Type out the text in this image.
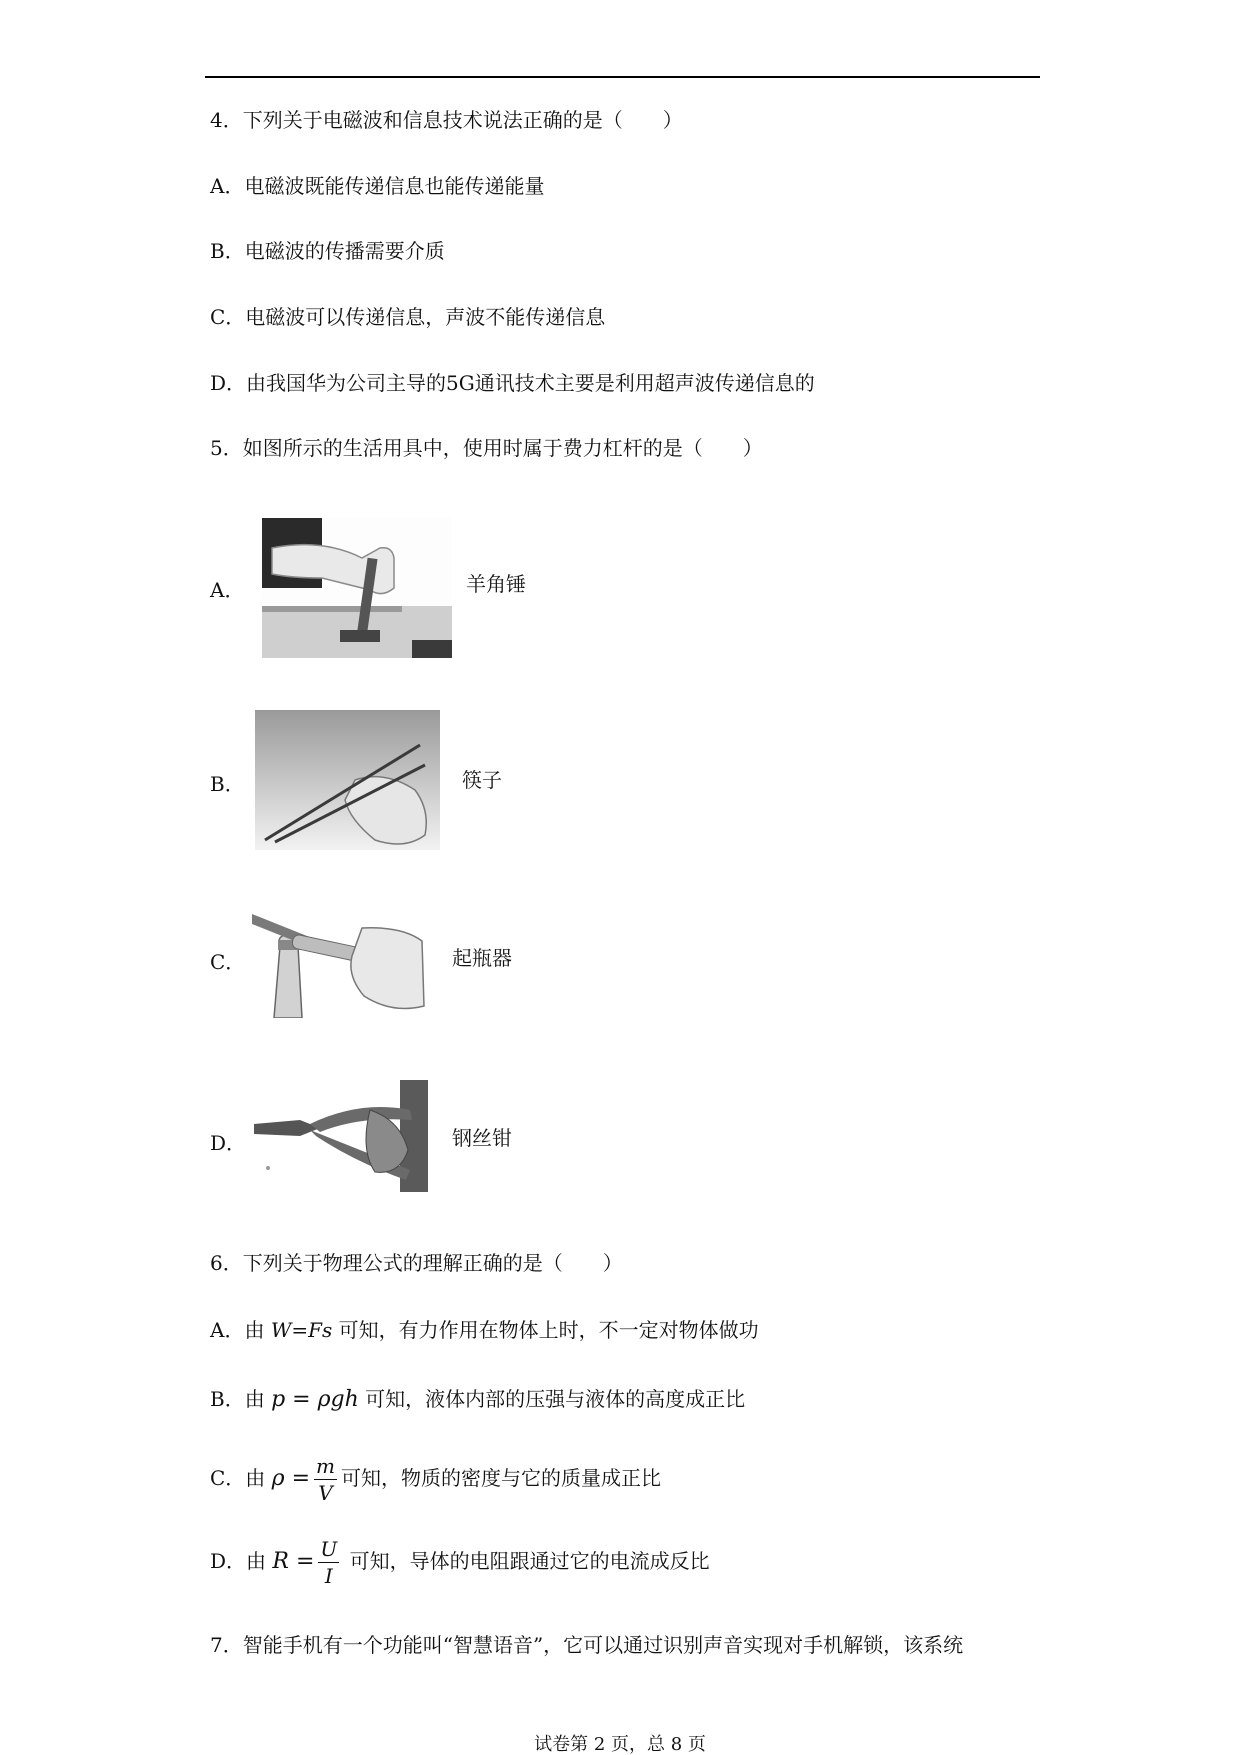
4．下列关于电磁波和信息技术说法正确的是（　　）
A．电磁波既能传递信息也能传递能量
B．电磁波的传播需要介质
C．电磁波可以传递信息，声波不能传递信息
D．由我国华为公司主导的5G通讯技术主要是利用超声波传递信息的
5．如图所示的生活用具中，使用时属于费力杠杆的是（　　）
A．	羊角锤
B．	筷子
C．	起瓶器
D．	钢丝钳
6．下列关于物理公式的理解正确的是（　　）
A．由 W=Fs 可知，有力作用在物体上时，不一定对物体做功
B．由 p = ρgh 可知，液体内部的压强与液体的高度成正比
C．由 $\rho = \frac{m}{V}$ 可知，物质的密度与它的质量成正比
D．由 $R = \frac{U}{I}$ 可知，导体的电阻跟通过它的电流成反比
7．智能手机有一个功能叫“智慧语音”，它可以通过识别声音实现对手机解锁，该系统
试卷第 2 页，总 8 页
